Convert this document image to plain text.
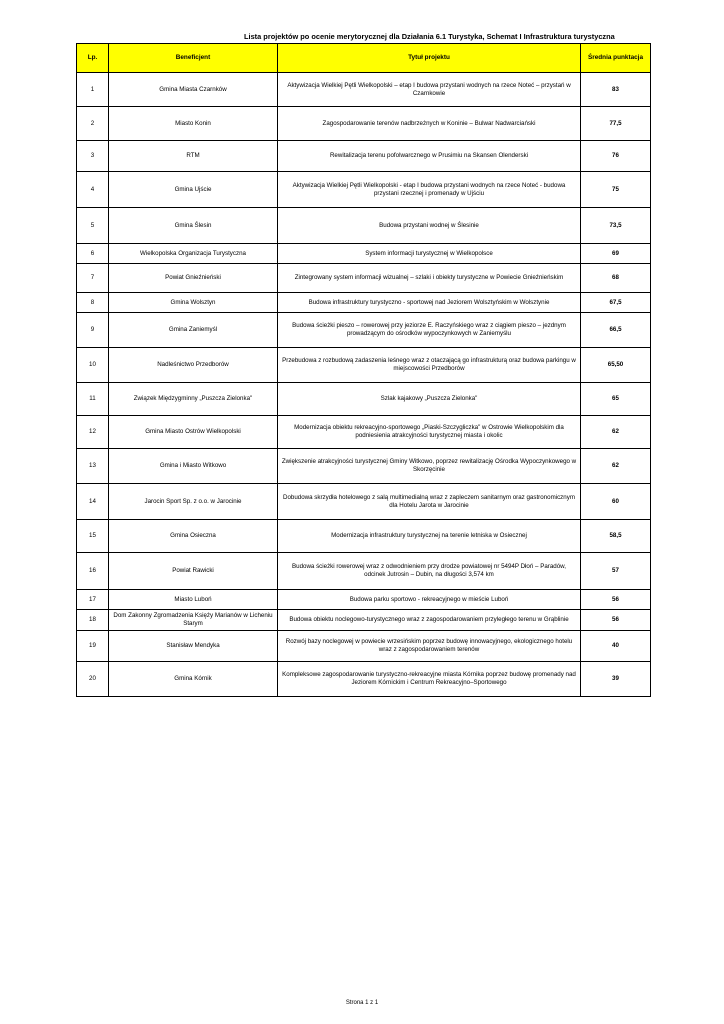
Lista projektów po ocenie merytorycznej dla Działania 6.1 Turystyka, Schemat I Infrastruktura turystyczna
Lp.	Beneficjent	Tytuł projektu	Średnia punktacja
1	Gmina Miasta Czarnków	Aktywizacja Wielkiej Pętli Wielkopolski – etap I budowa przystani wodnych na rzece Noteć – przystań w Czarnkowie	83
2	Miasto Konin	Zagospodarowanie terenów nadbrzeżnych w Koninie – Bulwar Nadwarciański	77,5
3	RTM	Rewitalizacja terenu pofolwarcznego w Prusimiu na Skansen Olenderski	76
4	Gmina Ujście	Aktywizacja Wielkiej Pętli Wielkopolski - etap I budowa przystani wodnych na rzece Noteć - budowa przystani rzecznej i promenady w Ujściu	75
5	Gmina Ślesin	Budowa przystani wodnej w Ślesinie	73,5
6	Wielkopolska Organizacja Turystyczna	System informacji turystycznej w Wielkopolsce	69
7	Powiat Gnieźnieński	Zintegrowany system informacji wizualnej – szlaki i obiekty turystyczne w Powiecie Gnieźnieńskim	68
8	Gmina Wolsztyn	Budowa infrastruktury turystyczno - sportowej nad Jeziorem Wolsztyńskim w Wolsztynie	67,5
9	Gmina Zaniemyśl	Budowa ścieżki pieszo – rowerowej przy jeziorze E. Raczyńskiego wraz z ciągiem pieszo – jezdnym prowadzącym do ośrodków wypoczynkowych w Zaniemyślu	66,5
10	Nadleśnictwo Przedborów	Przebudowa z rozbudową zadaszenia leśnego wraz z otaczającą go infrastrukturą oraz budowa parkingu w miejscowości Przedborów	65,50
11	Związek Międzygminny „Puszcza Zielonka"	Szlak kajakowy „Puszcza Zielonka"	65
12	Gmina Miasto Ostrów Wielkopolski	Modernizacja obiektu rekreacyjno-sportowego „Piaski-Szczygliczka" w Ostrowie Wielkopolskim dla podniesienia atrakcyjności turystycznej miasta i okolic	62
13	Gmina i Miasto Witkowo	Zwiększenie atrakcyjności turystycznej Gminy Witkowo, poprzez rewitalizację Ośrodka Wypoczynkowego w Skorzęcinie	62
14	Jarocin Sport Sp. z o.o. w Jarocinie	Dobudowa skrzydła hotelowego z salą multimedialną wraz z zapleczem sanitarnym oraz gastronomicznym dla Hotelu Jarota w Jarocinie	60
15	Gmina Osieczna	Modernizacja infrastruktury turystycznej na terenie letniska w Osiecznej	58,5
16	Powiat Rawicki	Budowa ścieżki rowerowej wraz z odwodnieniem przy drodze powiatowej nr 5494P Dłoń – Paradów, odcinek Jutrosin – Dubin, na długości 3,574 km	57
17	Miasto Luboń	Budowa parku sportowo - rekreacyjnego w mieście Luboń	56
18	Dom Zakonny Zgromadzenia Księży Marianów w Licheniu Starym	Budowa obiektu noclegowo-turystycznego wraz z zagospodarowaniem przyległego terenu w Grąblinie	56
19	Stanisław Mendyka	Rozwój bazy noclegowej w powiecie wrzesińskim poprzez budowę innowacyjnego, ekologicznego hotelu wraz z zagospodarowaniem terenów	40
20	Gmina Kórnik	Kompleksowe zagospodarowanie turystyczno-rekreacyjne miasta Kórnika poprzez budowę promenady nad Jeziorem Kórnickim i Centrum Rekreacyjno–Sportowego	39
Strona 1 z 1
